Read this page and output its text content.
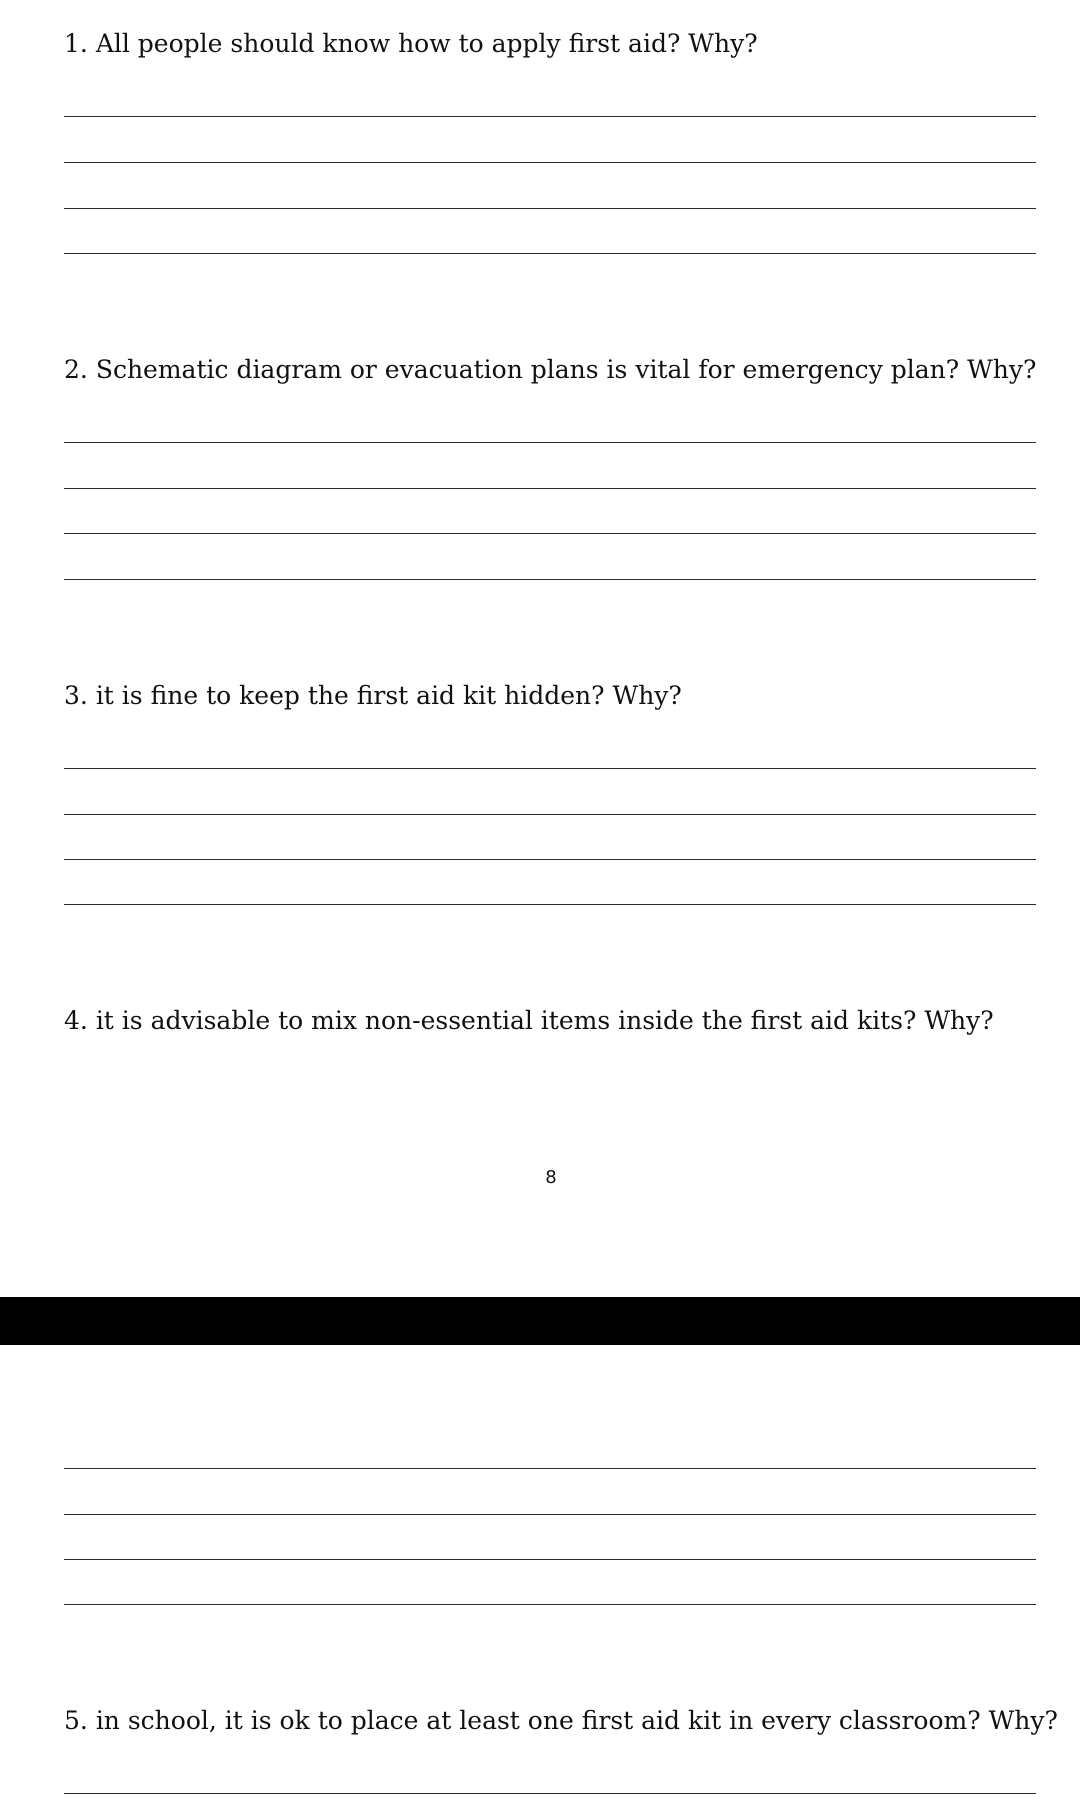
1. All people should know how to apply first aid? Why?

2. Schematic diagram or evacuation plans is vital for emergency plan? Why?

3. it is fine to keep the first aid kit hidden? Why?

4. it is advisable to mix non-essential items inside the first aid kits? Why?

8

5. in school, it is ok to place at least one first aid kit in every classroom? Why?
